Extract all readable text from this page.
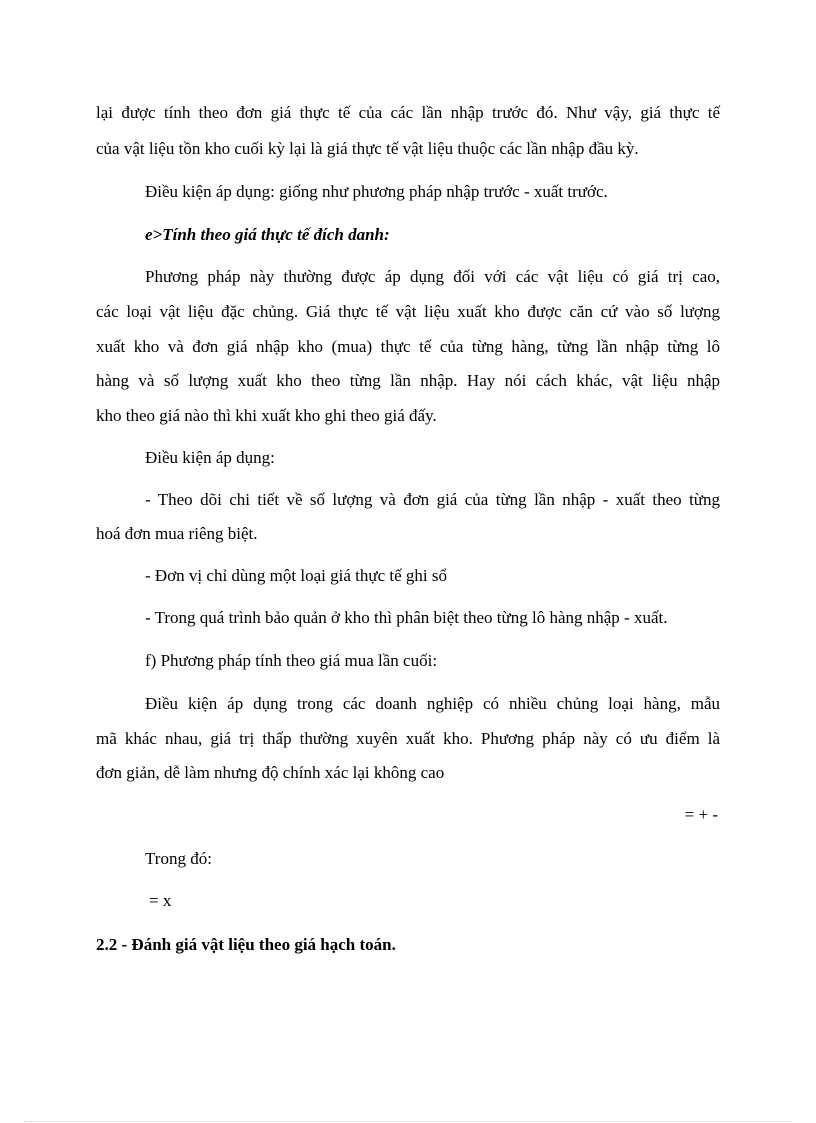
lại được tính theo đơn giá thực tế của các lần nhập trước đó. Như vậy, giá thực tế
của vật liệu tồn kho cuối kỳ lại là giá thực tế vật liệu thuộc các lần nhập đầu kỳ.
Điều kiện áp dụng: giống như phương pháp nhập trước - xuất trước.
e>Tính theo giá thực tế đích danh:
Phương pháp này thường được áp dụng đối với các vật liệu có giá trị cao,
các loại vật liệu đặc chủng. Giá thực tế vật liệu xuất kho được căn cứ vào số lượng
xuất kho và đơn giá nhập kho (mua) thực tế của từng hàng, từng lần nhập từng lô
hàng và số lượng xuất kho theo từng lần nhập. Hay nói cách khác, vật liệu nhập
kho theo giá nào thì khi xuất kho ghi theo giá đấy.
Điều kiện áp dụng:
- Theo dõi chi tiết về số lượng và đơn giá của từng lần nhập - xuất theo từng
hoá đơn mua riêng biệt.
- Đơn vị chỉ dùng một loại giá thực tế ghi sổ
- Trong quá trình bảo quản ở kho thì phân biệt theo từng lô hàng nhập - xuất.
f) Phương pháp tính theo giá mua lần cuối:
Điều kiện áp dụng trong các doanh nghiệp có nhiều chủng loại hàng, mẫu
mã khác nhau, giá trị thấp thường xuyên xuất kho. Phương pháp này có ưu điểm là
đơn giản, dễ làm nhưng độ chính xác lại không cao
= + -
Trong đó:
= x
2.2 - Đánh giá vật liệu theo giá hạch toán.
